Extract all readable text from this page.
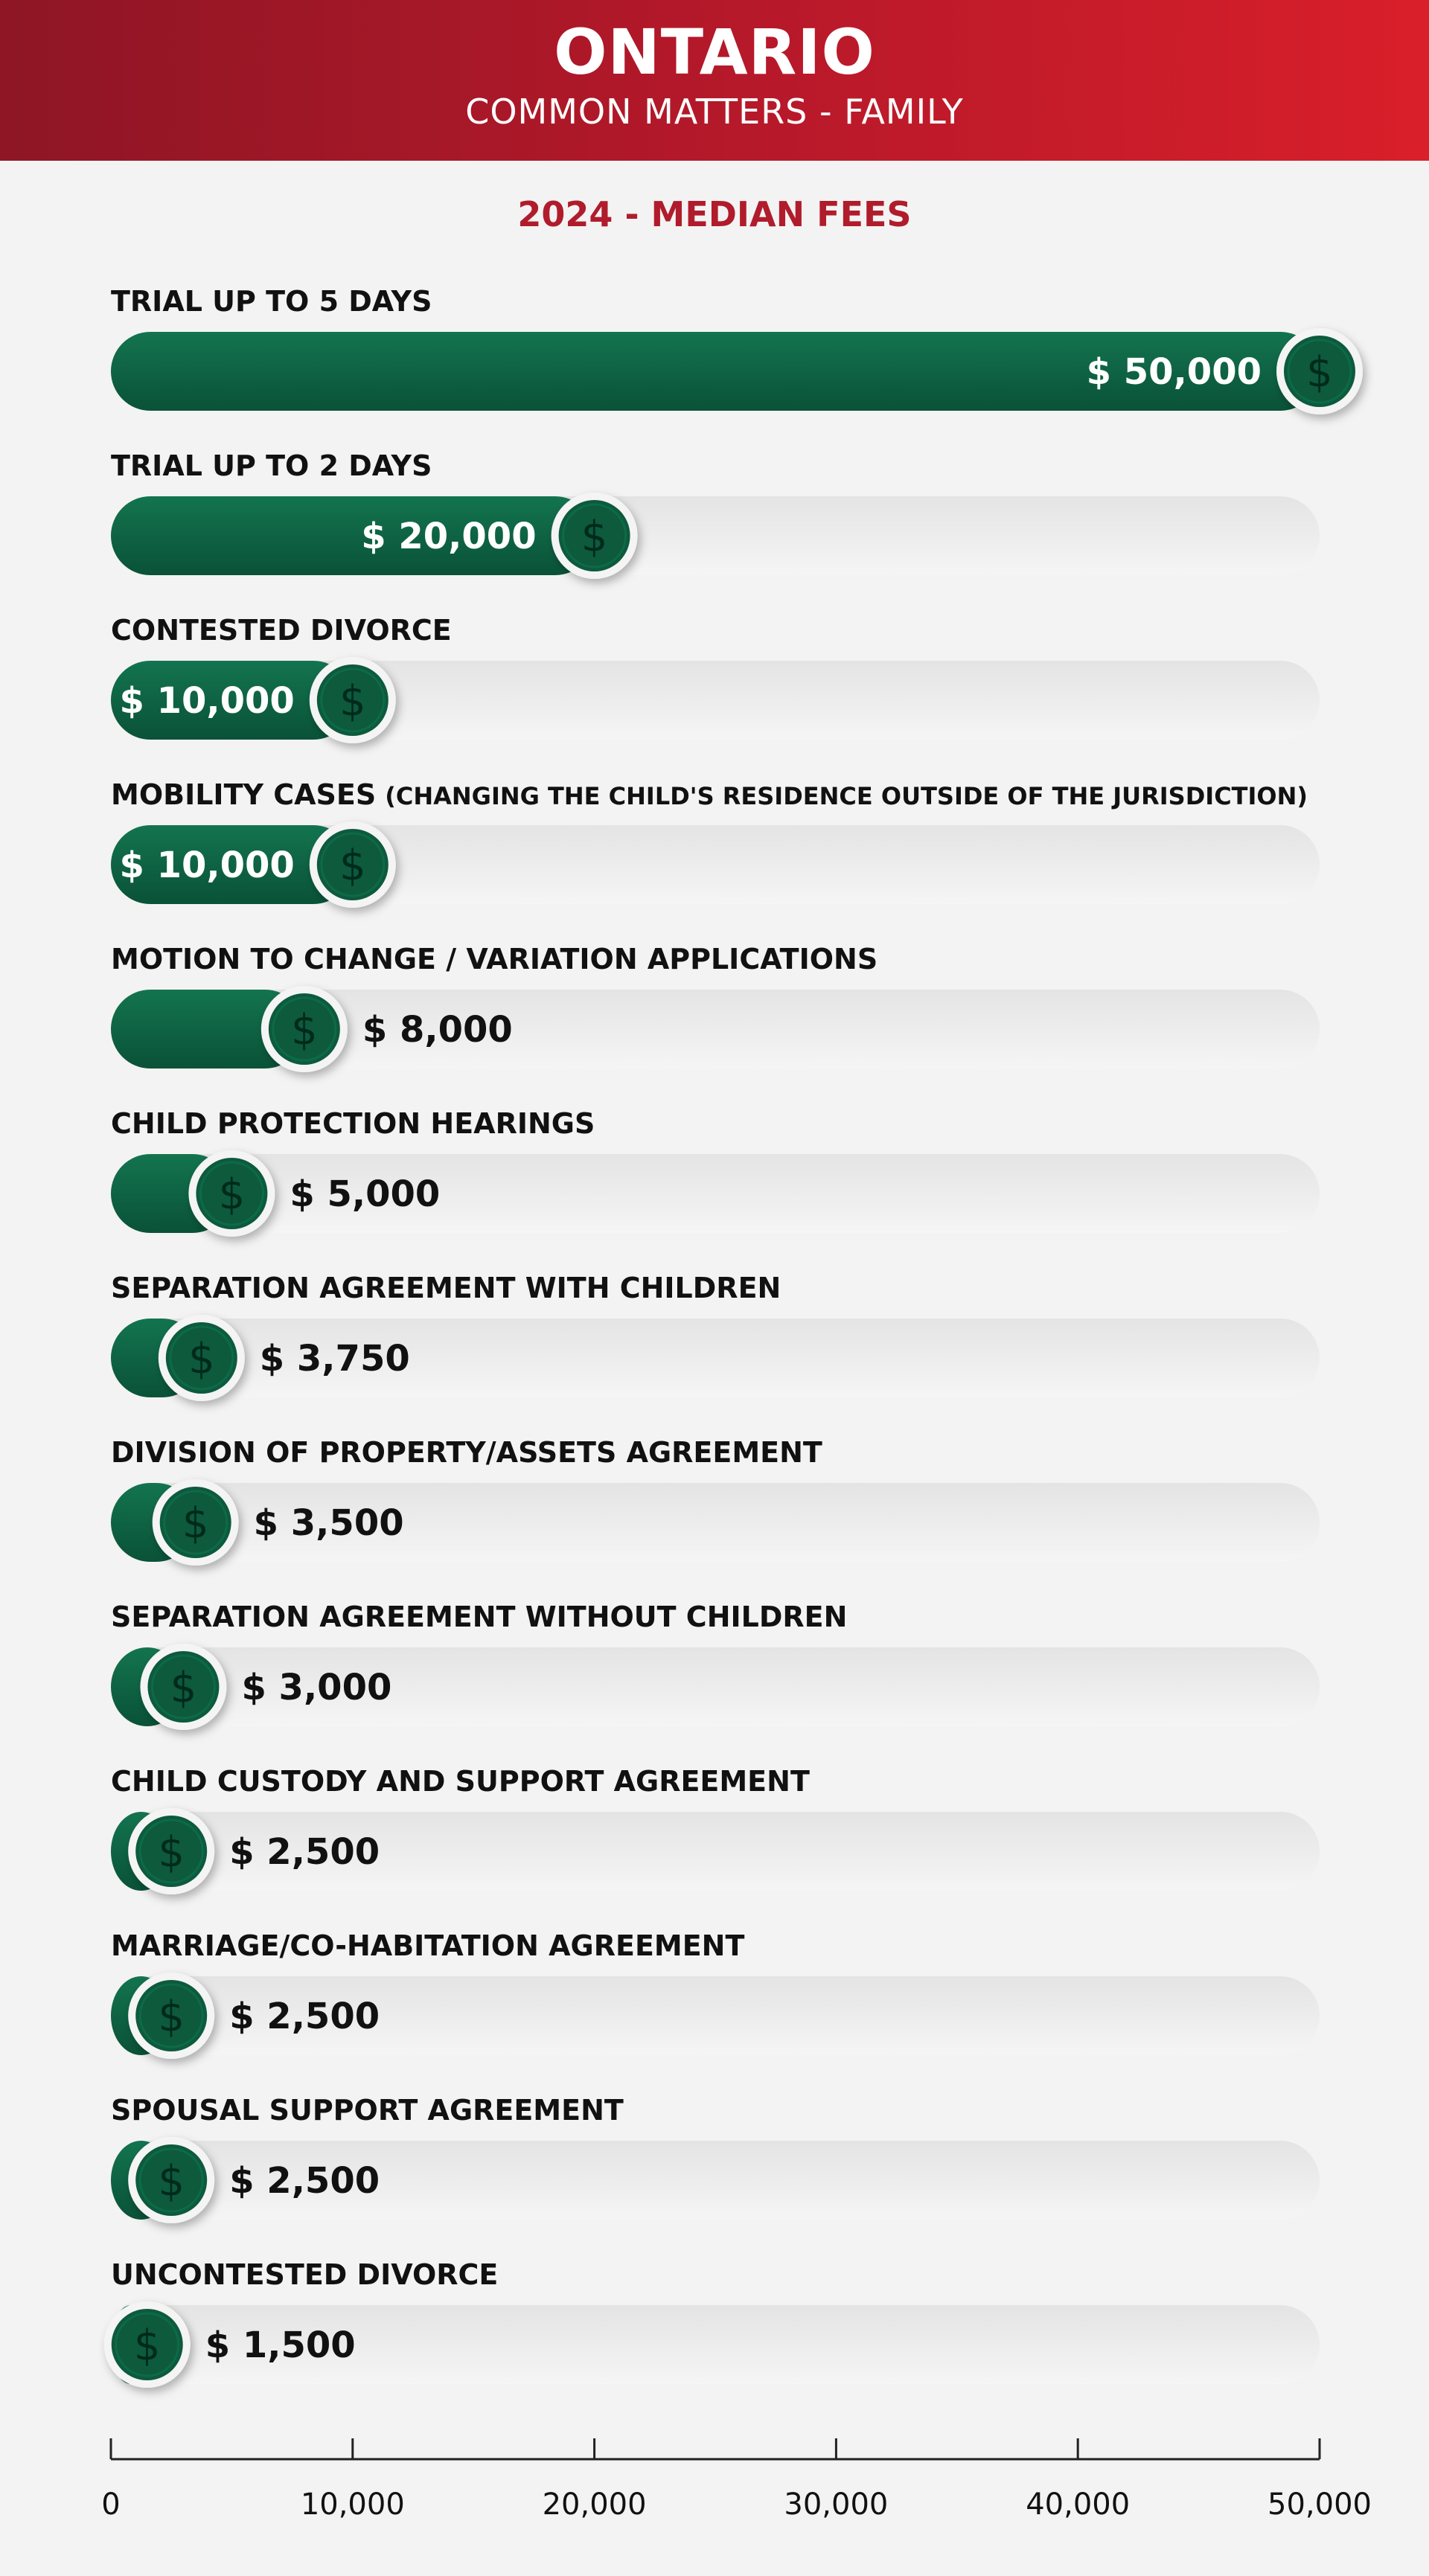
ONTARIO
COMMON MATTERS - FAMILY
2024 - MEDIAN FEES
TRIAL UP TO 5 DAYS
$
$ 50,000
TRIAL UP TO 2 DAYS
$
$ 20,000
CONTESTED DIVORCE
$
$ 10,000
MOBILITY CASES (CHANGING THE CHILD'S RESIDENCE OUTSIDE OF THE JURISDICTION)
$
$ 10,000
MOTION TO CHANGE / VARIATION APPLICATIONS
$ $ 8,000
CHILD PROTECTION HEARINGS
$ $ 5,000
SEPARATION AGREEMENT WITH CHILDREN
$ $ 3,750
DIVISION OF PROPERTY/ASSETS AGREEMENT
$ $ 3,500
SEPARATION AGREEMENT WITHOUT CHILDREN
$ $ 3,000
CHILD CUSTODY AND SUPPORT AGREEMENT
$ $ 2,500
MARRIAGE/CO-HABITATION AGREEMENT
$ $ 2,500
SPOUSAL SUPPORT AGREEMENT
$ $ 2,500
UNCONTESTED DIVORCE
$ $ 1,500
0	10,000	20,000	30,000	40,000	50,000
